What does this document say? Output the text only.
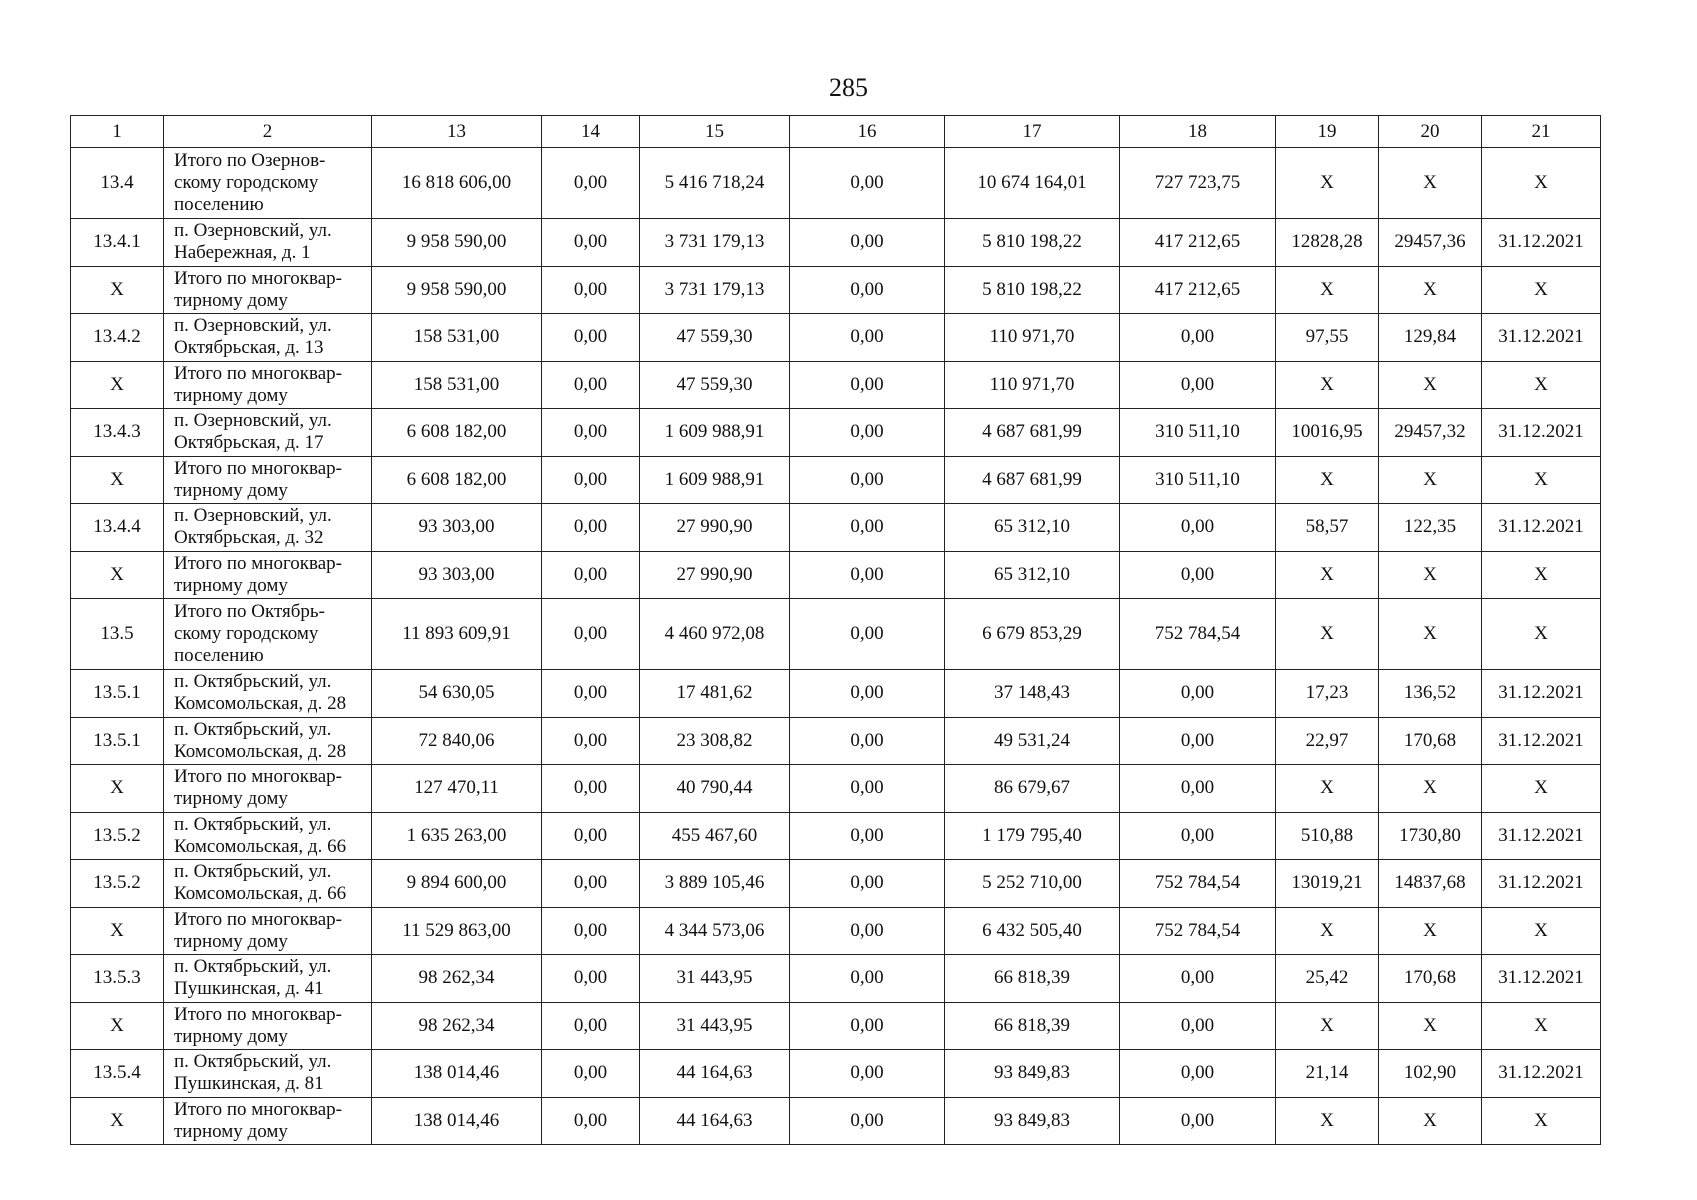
285
1	2	13	14	15	16	17	18	19	20	21
13.4	Итого по Озернов-
скому городскому
поселению	16 818 606,00	0,00	5 416 718,24	0,00	10 674 164,01	727 723,75	X	X	X
13.4.1	п. Озерновский, ул.
Набережная, д. 1	9 958 590,00	0,00	3 731 179,13	0,00	5 810 198,22	417 212,65	12828,28	29457,36	31.12.2021
X	Итого по многоквар-
тирному дому	9 958 590,00	0,00	3 731 179,13	0,00	5 810 198,22	417 212,65	X	X	X
13.4.2	п. Озерновский, ул.
Октябрьская, д. 13	158 531,00	0,00	47 559,30	0,00	110 971,70	0,00	97,55	129,84	31.12.2021
X	Итого по многоквар-
тирному дому	158 531,00	0,00	47 559,30	0,00	110 971,70	0,00	X	X	X
13.4.3	п. Озерновский, ул.
Октябрьская, д. 17	6 608 182,00	0,00	1 609 988,91	0,00	4 687 681,99	310 511,10	10016,95	29457,32	31.12.2021
X	Итого по многоквар-
тирному дому	6 608 182,00	0,00	1 609 988,91	0,00	4 687 681,99	310 511,10	X	X	X
13.4.4	п. Озерновский, ул.
Октябрьская, д. 32	93 303,00	0,00	27 990,90	0,00	65 312,10	0,00	58,57	122,35	31.12.2021
X	Итого по многоквар-
тирному дому	93 303,00	0,00	27 990,90	0,00	65 312,10	0,00	X	X	X
13.5	Итого по Октябрь-
скому городскому
поселению	11 893 609,91	0,00	4 460 972,08	0,00	6 679 853,29	752 784,54	X	X	X
13.5.1	п. Октябрьский, ул.
Комсомольская, д. 28	54 630,05	0,00	17 481,62	0,00	37 148,43	0,00	17,23	136,52	31.12.2021
13.5.1	п. Октябрьский, ул.
Комсомольская, д. 28	72 840,06	0,00	23 308,82	0,00	49 531,24	0,00	22,97	170,68	31.12.2021
X	Итого по многоквар-
тирному дому	127 470,11	0,00	40 790,44	0,00	86 679,67	0,00	X	X	X
13.5.2	п. Октябрьский, ул.
Комсомольская, д. 66	1 635 263,00	0,00	455 467,60	0,00	1 179 795,40	0,00	510,88	1730,80	31.12.2021
13.5.2	п. Октябрьский, ул.
Комсомольская, д. 66	9 894 600,00	0,00	3 889 105,46	0,00	5 252 710,00	752 784,54	13019,21	14837,68	31.12.2021
X	Итого по многоквар-
тирному дому	11 529 863,00	0,00	4 344 573,06	0,00	6 432 505,40	752 784,54	X	X	X
13.5.3	п. Октябрьский, ул.
Пушкинская, д. 41	98 262,34	0,00	31 443,95	0,00	66 818,39	0,00	25,42	170,68	31.12.2021
X	Итого по многоквар-
тирному дому	98 262,34	0,00	31 443,95	0,00	66 818,39	0,00	X	X	X
13.5.4	п. Октябрьский, ул.
Пушкинская, д. 81	138 014,46	0,00	44 164,63	0,00	93 849,83	0,00	21,14	102,90	31.12.2021
X	Итого по многоквар-
тирному дому	138 014,46	0,00	44 164,63	0,00	93 849,83	0,00	X	X	X
